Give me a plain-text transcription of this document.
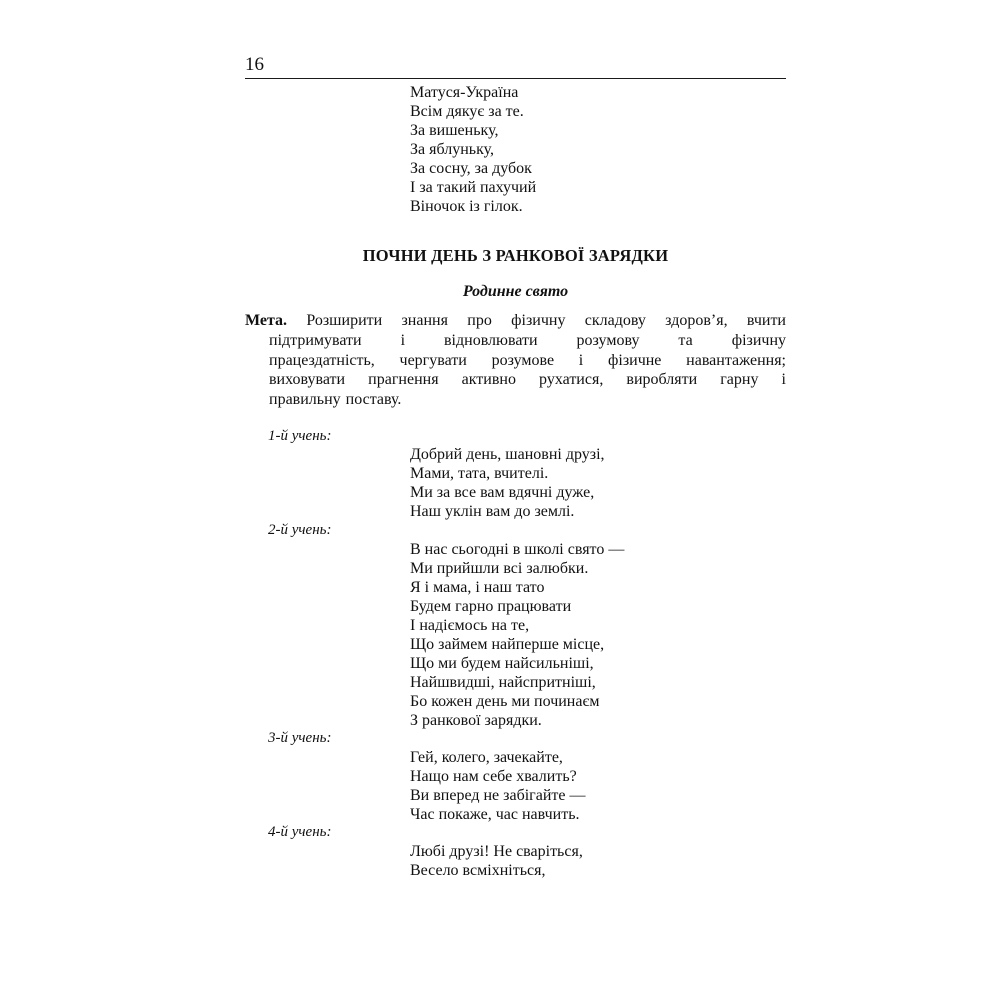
16
Матуся-Україна
Всім дякує за те.
За вишеньку,
За яблуньку,
За сосну, за дубок
І за такий пахучий
Віночок із гілок.
ПОЧНИ ДЕНЬ З РАНКОВОЇ ЗАРЯДКИ
Родинне свято
Мета. Розширити знання про фізичну складову здоров’я, вчити
підтримувати і відновлювати розумову та фізичну
працездатність, чергувати розумове і фізичне навантаження;
виховувати прагнення активно рухатися, виробляти гарну і
правильну поставу.
1-й учень:
Добрий день, шановні друзі,
Мами, тата, вчителі.
Ми за все вам вдячні дуже,
Наш уклін вам до землі.
2-й учень:
В нас сьогодні в школі свято —
Ми прийшли всі залюбки.
Я і мама, і наш тато
Будем гарно працювати
І надіємось на те,
Що займем найперше місце,
Що ми будем найсильніші,
Найшвидші, найспритніші,
Бо кожен день ми починаєм
З ранкової зарядки.
3-й учень:
Гей, колего, зачекайте,
Нащо нам себе хвалить?
Ви вперед не забігайте —
Час покаже, час навчить.
4-й учень:
Любі друзі! Не сваріться,
Весело всміхніться,
